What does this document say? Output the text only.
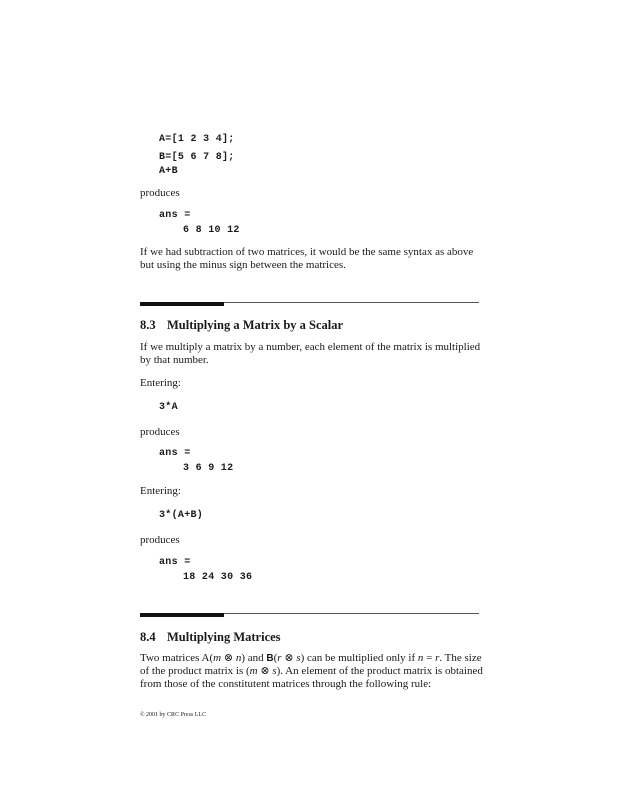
A=[1 2 3 4];
B=[5 6 7 8];
A+B
produces
ans =
6 8 10 12
If we had subtraction of two matrices, it would be the same syntax as above
but using the minus sign between the matrices.
8.3 Multiplying a Matrix by a Scalar
If we multiply a matrix by a number, each element of the matrix is multiplied
by that number.
Entering:
3*A
produces
ans =
3 6 9 12
Entering:
3*(A+B)
produces
ans =
18 24 30 36
8.4 Multiplying Matrices
Two matrices A(m ⊗ n) and B(r ⊗ s) can be multiplied only if n = r. The size
of the product matrix is (m ⊗ s). An element of the product matrix is obtained
from those of the constitutent matrices through the following rule:
© 2001 by CRC Press LLC
